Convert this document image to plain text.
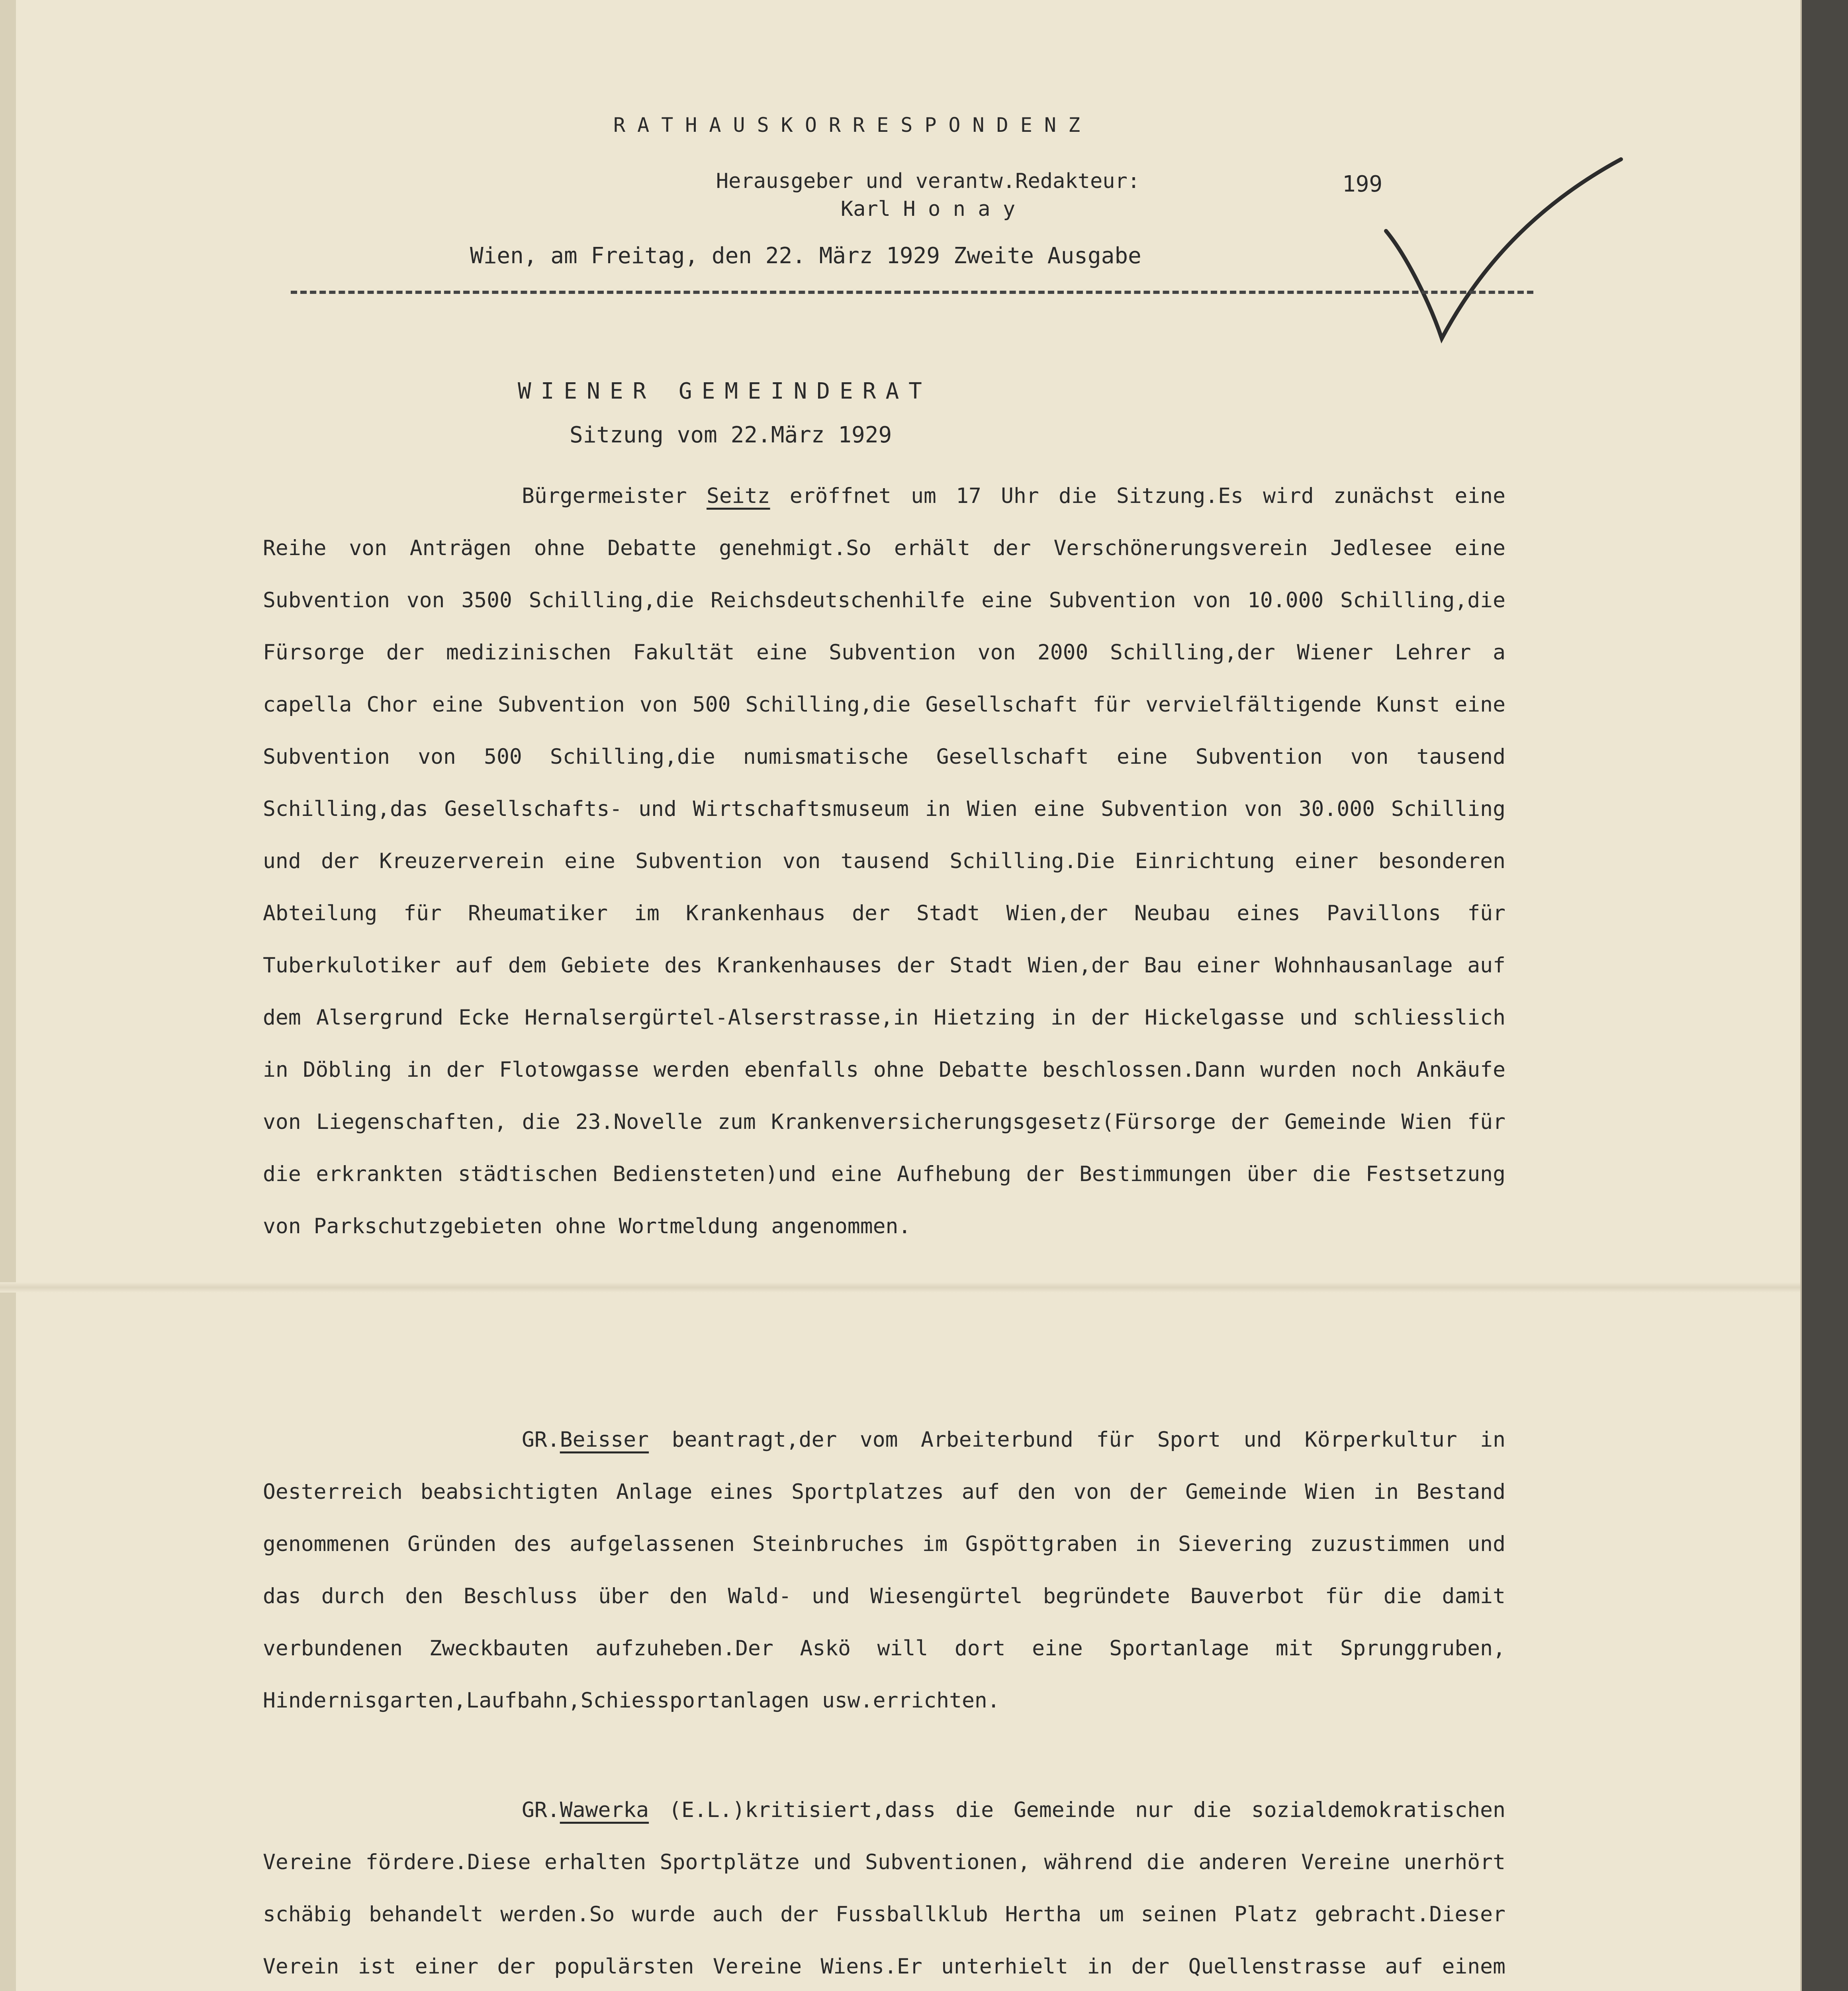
RATHAUSKORRESPONDENZ
Herausgeber und verantw.Redakteur:
Karl H o n a y
199
Wien, am Freitag, den 22. März 1929 Zweite Ausgabe
WIENER GEMEINDERAT
Sitzung vom 22.März 1929

Bürgermeister Seitz eröffnet um 17 Uhr die Sitzung.Es wird zunächst eine Reihe von Anträgen ohne Debatte genehmigt.So erhält der Verschönerungsverein Jedlesee eine Subvention von 3500 Schilling,die Reichsdeutschenhilfe eine Subvention von 10.000 Schilling,die Fürsorge der medizinischen Fakultät eine Subvention von 2000 Schilling,der Wiener Lehrer a capella Chor eine Subvention von 500 Schilling,die Gesellschaft für vervielfältigende Kunst eine Subvention von 500 Schilling,die numismatische Gesellschaft eine Subvention von tausend Schilling,das Gesellschafts- und Wirtschaftsmuseum in Wien eine Subvention von 30.000 Schilling und der Kreuzerverein eine Subvention von tausend Schilling.Die Einrichtung einer besonderen Abteilung für Rheumatiker im Krankenhaus der Stadt Wien,der Neubau eines Pavillons für Tuberkulotiker auf dem Gebiete des Krankenhauses der Stadt Wien,der Bau einer Wohnhausanlage auf dem Alsergrund Ecke Hernalsergürtel-Alserstrasse,in Hietzing in der Hickelgasse und schliesslich in Döbling in der Flotowgasse werden ebenfalls ohne Debatte beschlossen.Dann wurden noch Ankäufe von Liegenschaften, die 23.Novelle zum Krankenversicherungsgesetz(Fürsorge der Gemeinde Wien für die erkrankten städtischen Bediensteten)und eine Aufhebung der Bestimmungen über die Festsetzung von Parkschutzgebieten ohne Wortmeldung angenommen.

GR.Beisser beantragt,der vom Arbeiterbund für Sport und Körperkultur in Oesterreich beabsichtigten Anlage eines Sportplatzes auf den von der Gemeinde Wien in Bestand genommenen Gründen des aufgelassenen Steinbruches im Gspöttgraben in Sievering zuzustimmen und das durch den Beschluss über den Wald- und Wiesengürtel begründete Bauverbot für die damit verbundenen Zweckbauten aufzuheben.Der Askö will dort eine Sportanlage mit Sprunggruben, Hindernisgarten,Laufbahn,Schiessportanlagen usw.errichten.

GR.Wawerka (E.L.)kritisiert,dass die Gemeinde nur die sozialdemokratischen Vereine fördere.Diese erhalten Sportplätze und Subventionen, während die anderen Vereine unerhört schäbig behandelt werden.So wurde auch der Fussballklub Hertha um seinen Platz gebracht.Dieser Verein ist einer der populärsten Vereine Wiens.Er unterhielt in der Quellenstrasse auf einem
